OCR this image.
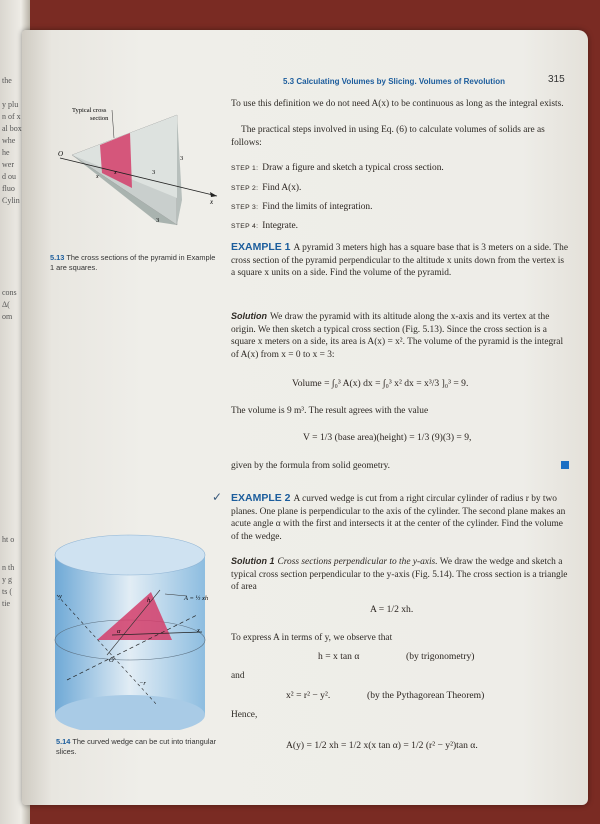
the
y plu
n of x
al box
whe
he
wer
d ou
fluo
Cylin
cons
Δ(
om
ht o
n th
y g
ts (
tie
5.3 Calculating Volumes by Slicing. Volumes of Revolution	315
Typical cross
section
O
x
x
x	3
3
3
5.13 The cross sections of the pyramid in Example 1 are squares.
To use this definition we do not need A(x) to be continuous as long as the integral exists.
The practical steps involved in using Eq. (6) to calculate volumes of solids are as follows:
STEP 1: Draw a figure and sketch a typical cross section.
STEP 2: Find A(x).
STEP 3: Find the limits of integration.
STEP 4: Integrate.
EXAMPLE 1 A pyramid 3 meters high has a square base that is 3 meters on a side. The cross section of the pyramid perpendicular to the altitude x units down from the vertex is a square x units on a side. Find the volume of the pyramid.
Solution We draw the pyramid with its altitude along the x-axis and its vertex at the origin. We then sketch a typical cross section (Fig. 5.13). Since the cross section is a square x meters on a side, its area is A(x) = x². The volume of the pyramid is the integral of A(x) from x = 0 to x = 3:
Volume = ∫₀³ A(x) dx = ∫₀³ x² dx = x³/3 ]₀³ = 9.
The volume is 9 m³. The result agrees with the value
V = 1/3 (base area)(height) = 1/3 (9)(3) = 9,
given by the formula from solid geometry.
✓ EXAMPLE 2 A curved wedge is cut from a right circular cylinder of radius r by two planes. One plane is perpendicular to the axis of the cylinder. The second plane makes an acute angle α with the first and intersects it at the center of the cylinder. Find the volume of the wedge.
Solution 1 Cross sections perpendicular to the y-axis. We draw the wedge and sketch a typical cross section perpendicular to the y-axis (Fig. 5.14). The cross section is a triangle of area
A = 1/2 xh.
To express A in terms of y, we observe that
h = x tan α	(by trigonometry)
and
x² = r² − y².	(by the Pythagorean Theorem)
Hence,
A(y) = 1/2 xh = 1/2 x(x tan α) = 1/2 (r² − y²)tan α.
A = ½ xh
h
x
y
O
−r
α
5.14 The curved wedge can be cut into triangular slices.
